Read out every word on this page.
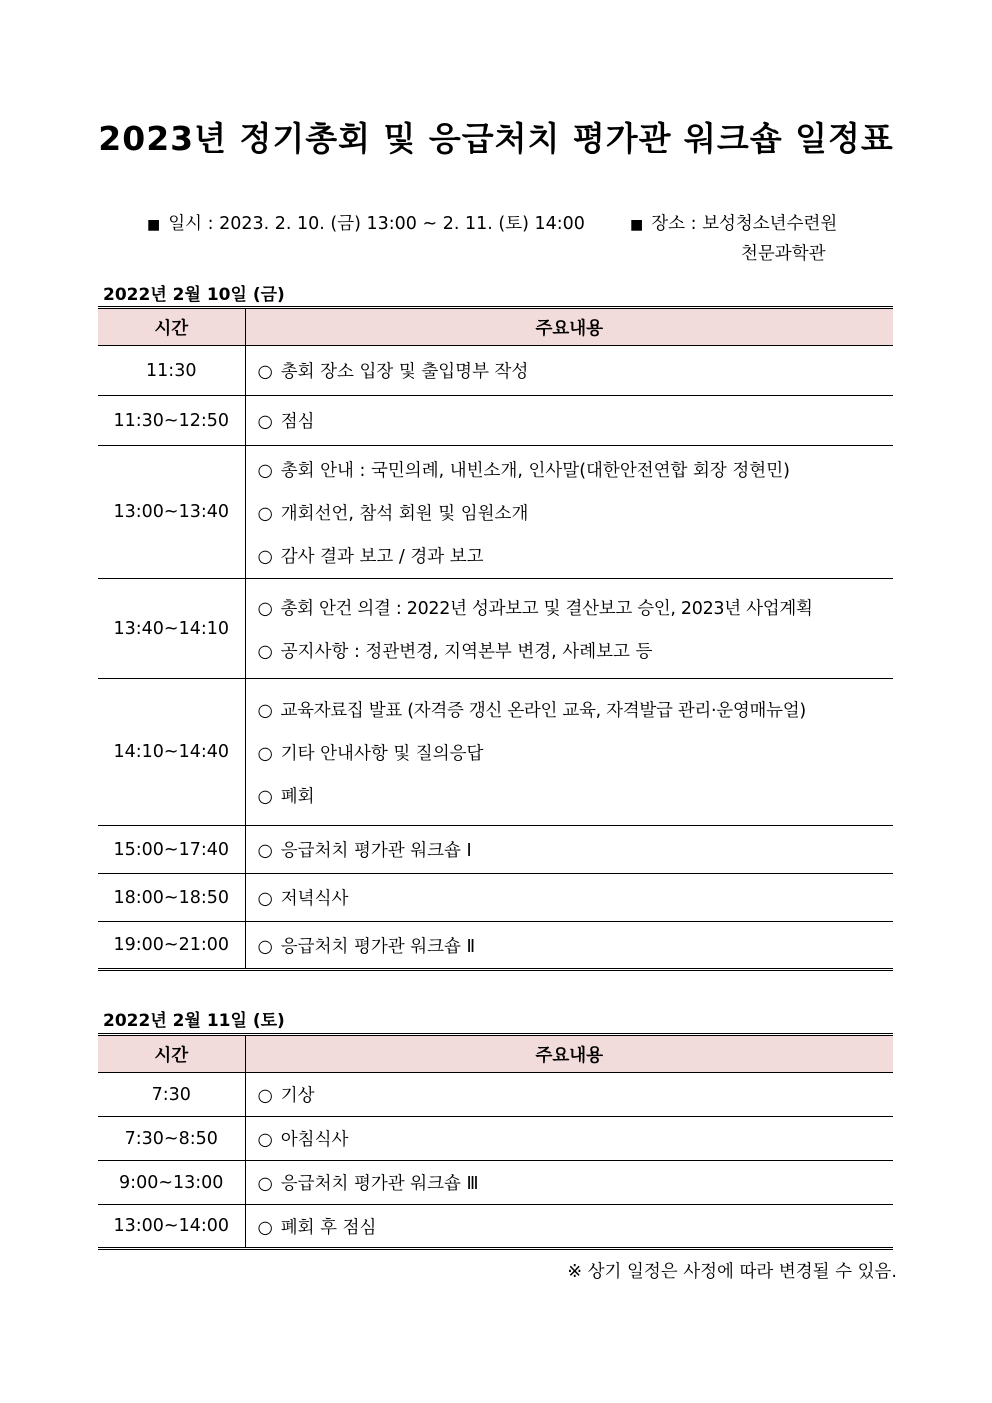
2023년 정기총회 및 응급처치 평가관 워크숍 일정표
■ 일시 : 2023. 2. 10. (금) 13:00 ~ 2. 11. (토) 14:00	■ 장소 : 보성청소년수련원
천문과학관
2022년 2월 10일 (금)
시간	주요내용
11:30	○ 총회 장소 입장 및 출입명부 작성

11:30~12:50	○ 점심

13:00~13:40	○ 총회 안내 : 국민의례, 내빈소개, 인사말(대한안전연합 회장 정현민)
○ 개회선언, 참석 회원 및 임원소개
○ 감사 결과 보고 / 경과 보고

13:40~14:10	○ 총회 안건 의결 : 2022년 성과보고 및 결산보고 승인, 2023년 사업계획
○ 공지사항 : 정관변경, 지역본부 변경, 사례보고 등

14:10~14:40	○ 교육자료집 발표 (자격증 갱신 온라인 교육, 자격발급 관리·운영매뉴얼)
○ 기타 안내사항 및 질의응답
○ 폐회

15:00~17:40	○ 응급처치 평가관 워크숍 Ⅰ

18:00~18:50	○ 저녁식사

19:00~21:00	○ 응급처치 평가관 워크숍 Ⅱ
2022년 2월 11일 (토)
시간	주요내용
7:30	○ 기상

7:30~8:50	○ 아침식사

9:00~13:00	○ 응급처치 평가관 워크숍 Ⅲ

13:00~14:00	○ 폐회 후 점심
※ 상기 일정은 사정에 따라 변경될 수 있음.
